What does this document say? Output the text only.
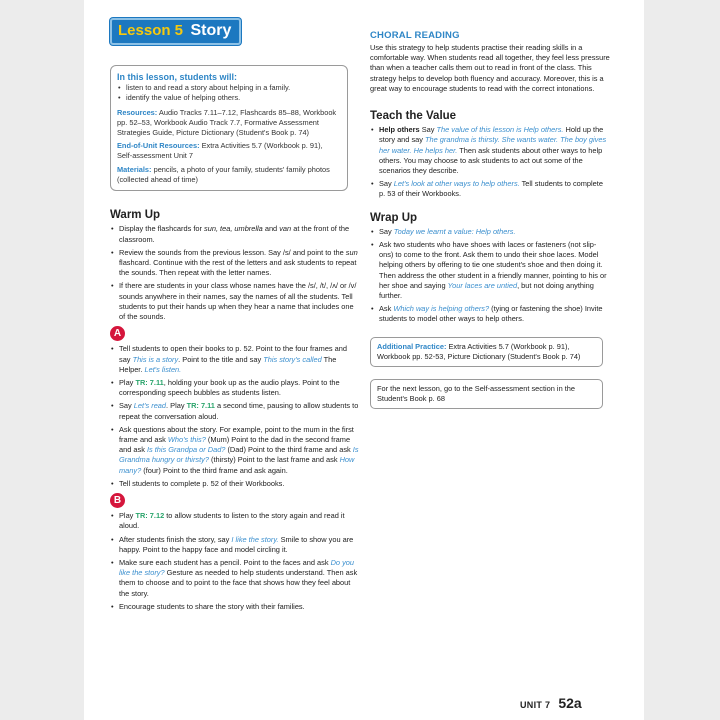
Lesson 5 Story
In this lesson, students will:
• listen to and read a story about helping in a family.
• identify the value of helping others.
Resources: Audio Tracks 7.11–7.12, Flashcards 85–88, Workbook pp. 52–53, Workbook Audio Track 7.7, Formative Assessment Strategies Guide, Picture Dictionary (Student's Book p. 74)
End-of-Unit Resources: Extra Activities 5.7 (Workbook p. 91), Self-assessment Unit 7
Materials: pencils, a photo of your family, students' family photos (collected ahead of time)
Warm Up
• Display the flashcards for sun, tea, umbrella and van at the front of the classroom.
• Review the sounds from the previous lesson. Say /s/ and point to the sun flashcard. Continue with the rest of the letters and ask students to repeat the sounds. Then repeat with the letter names.
• If there are students in your class whose names have the /s/, /t/, /ʌ/ or /v/ sounds anywhere in their names, say the names of all the students. Tell students to put their hands up when they hear a name that includes one of the sounds.
A
• Tell students to open their books to p. 52. Point to the four frames and say This is a story. Point to the title and say This story's called The Helper. Let's listen.
• Play TR: 7.11, holding your book up as the audio plays. Point to the corresponding speech bubbles as students listen.
• Say Let's read. Play TR: 7.11 a second time, pausing to allow students to repeat the conversation aloud.
• Ask questions about the story. For example, point to the mum in the first frame and ask Who's this? (Mum) Point to the dad in the second frame and ask Is this Grandpa or Dad? (Dad) Point to the third frame and ask Is Grandma hungry or thirsty? (thirsty) Point to the last frame and ask How many? (four) Point to the third frame and ask again.
• Tell students to complete p. 52 of their Workbooks.
B
• Play TR: 7.12 to allow students to listen to the story again and read it aloud.
• After students finish the story, say I like the story. Smile to show you are happy. Point to the happy face and model circling it.
• Make sure each student has a pencil. Point to the faces and ask Do you like the story? Gesture as needed to help students understand. Then ask them to choose and to point to the face that shows how they feel about the story.
• Encourage students to share the story with their families.
CHORAL READING
Use this strategy to help students practise their reading skills in a comfortable way. When students read all together, they feel less pressure than when a teacher calls them out to read in front of the class. This strategy helps to develop both fluency and accuracy. Moreover, this is a great way to encourage students to read with the correct intonations.
Teach the Value
• Help others Say The value of this lesson is Help others. Hold up the story and say The grandma is thirsty. She wants water. The boy gives her water. He helps her. Then ask students about other ways to help others. You may choose to ask students to act out some of the scenarios they describe.
• Say Let's look at other ways to help others. Tell students to complete p. 53 of their Workbooks.
Wrap Up
• Say Today we learnt a value: Help others.
• Ask two students who have shoes with laces or fasteners (not slip-ons) to come to the front. Ask them to undo their shoe laces. Model helping others by offering to tie one student's shoe and then doing it. Then address the other student in a friendly manner, pointing to his or her shoe and saying Your laces are untied, but not doing anything further.
• Ask Which way is helping others? (tying or fastening the shoe) Invite students to model other ways to help others.
Additional Practice: Extra Activities 5.7 (Workbook p. 91), Workbook pp. 52-53, Picture Dictionary (Student's Book p. 74)
For the next lesson, go to the Self-assessment section in the Student's Book p. 68
UNIT 7 52a
